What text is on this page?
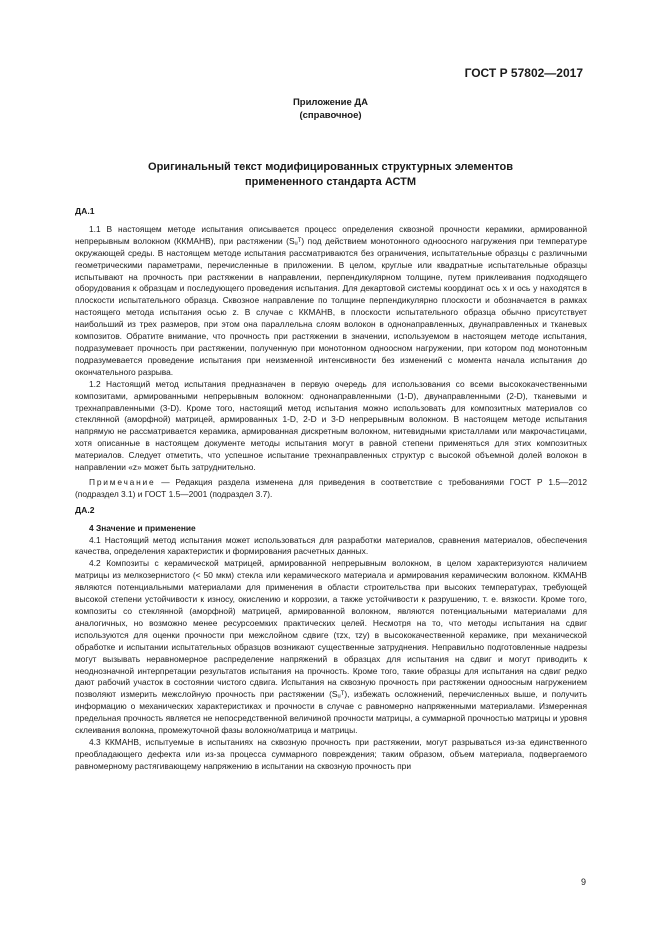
ГОСТ Р 57802—2017
Приложение ДА
(справочное)
Оригинальный текст модифицированных структурных элементов
примененного стандарта АСТМ
ДА.1

1.1 В настоящем методе испытания описывается процесс определения сквозной прочности керамики, армированной непрерывным волокном (ККМАНВ), при растяжении (Sᵤᵀ) под действием монотонного одноосного нагружения при температуре окружающей среды. В настоящем методе испытания рассматриваются без ограничения, испытательные образцы с различными геометрическими параметрами, перечисленные в приложении. В целом, круглые или квадратные испытательные образцы испытывают на прочность при растяжении в направлении, перпендикулярном толщине, путем приклеивания подходящего оборудования к образцам и последующего проведения испытания. Для декартовой системы координат ось x и ось y находятся в плоскости испытательного образца. Сквозное направление по толщине перпендикулярно плоскости и обозначается в рамках настоящего метода испытания осью z. В случае с ККМАНВ, в плоскости испытательного образца обычно присутствует наибольший из трех размеров, при этом она параллельна слоям волокон в однонаправленных, двунаправленных и тканевых композитов. Обратите внимание, что прочность при растяжении в значении, используемом в настоящем методе испытания, подразумевает прочность при растяжении, полученную при монотонном одноосном нагружении, при котором под монотонным подразумевается проведение испытания при неизменной интенсивности без изменений с момента начала испытания до окончательного разрыва.

1.2 Настоящий метод испытания предназначен в первую очередь для использования со всеми высококачественными композитами, армированными непрерывным волокном: однонаправленными (1-D), двунаправленными (2-D), тканевыми и трехнаправленными (3-D). Кроме того, настоящий метод испытания можно использовать для композитных материалов со стеклянной (аморфной) матрицей, армированных 1-D, 2-D и 3-D непрерывным волокном. В настоящем методе испытания напрямую не рассматривается керамика, армированная дискретным волокном, нитевидными кристаллами или макрочастицами, хотя описанные в настоящем документе методы испытания могут в равной степени применяться для этих композитных материалов. Следует отметить, что успешное испытание трехнаправленных структур с высокой объемной долей волокон в направлении «z» может быть затруднительно.

Примечание — Редакция раздела изменена для приведения в соответствие с требованиями ГОСТ Р 1.5—2012 (подраздел 3.1) и ГОСТ 1.5—2001 (подраздел 3.7).

ДА.2
4 Значение и применение

4.1 Настоящий метод испытания может использоваться для разработки материалов, сравнения материалов, обеспечения качества, определения характеристик и формирования расчетных данных.

4.2 Композиты с керамической матрицей, армированной непрерывным волокном, в целом характеризуются наличием матрицы из мелкозернистого (< 50 мкм) стекла или керамического материала и армирования керамическим волокном. ККМАНВ являются потенциальными материалами для применения в области строительства при высоких температурах, требующей высокой степени устойчивости к износу, окислению и коррозии, а также устойчивости к разрушению, т. е. вязкости. Кроме того, композиты со стеклянной (аморфной) матрицей, армированной волокном, являются потенциальными материалами для аналогичных, но возможно менее ресурсоемких практических целей. Несмотря на то, что методы испытания на сдвиг используются для оценки прочности при межслойном сдвиге (τzx, τzy) в высококачественной керамике, при механической обработке и испытании испытательных образцов возникают существенные затруднения. Неправильно подготовленные надрезы могут вызывать неравномерное распределение напряжений в образцах для испытания на сдвиг и могут приводить к неоднозначной интерпретации результатов испытания на прочность. Кроме того, такие образцы для испытания на сдвиг редко дают рабочий участок в состоянии чистого сдвига. Испытания на сквозную прочность при растяжении одноосным нагружением позволяют измерить межслойную прочность при растяжении (Sᵤᵀ), избежать осложнений, перечисленных выше, и получить информацию о механических характеристиках и прочности в случае с равномерно напряженными материалами. Измеренная предельная прочность является не непосредственной величиной прочности матрицы, а суммарной прочностью матрицы и уровня склеивания волокна, промежуточной фазы волокно/матрица и матрицы.

4.3 ККМАНВ, испытуемые в испытаниях на сквозную прочность при растяжении, могут разрываться из-за единственного преобладающего дефекта или из-за процесса суммарного повреждения; таким образом, объем материала, подвергаемого равномерному растягивающему напряжению в испытании на сквозную прочность при

9
